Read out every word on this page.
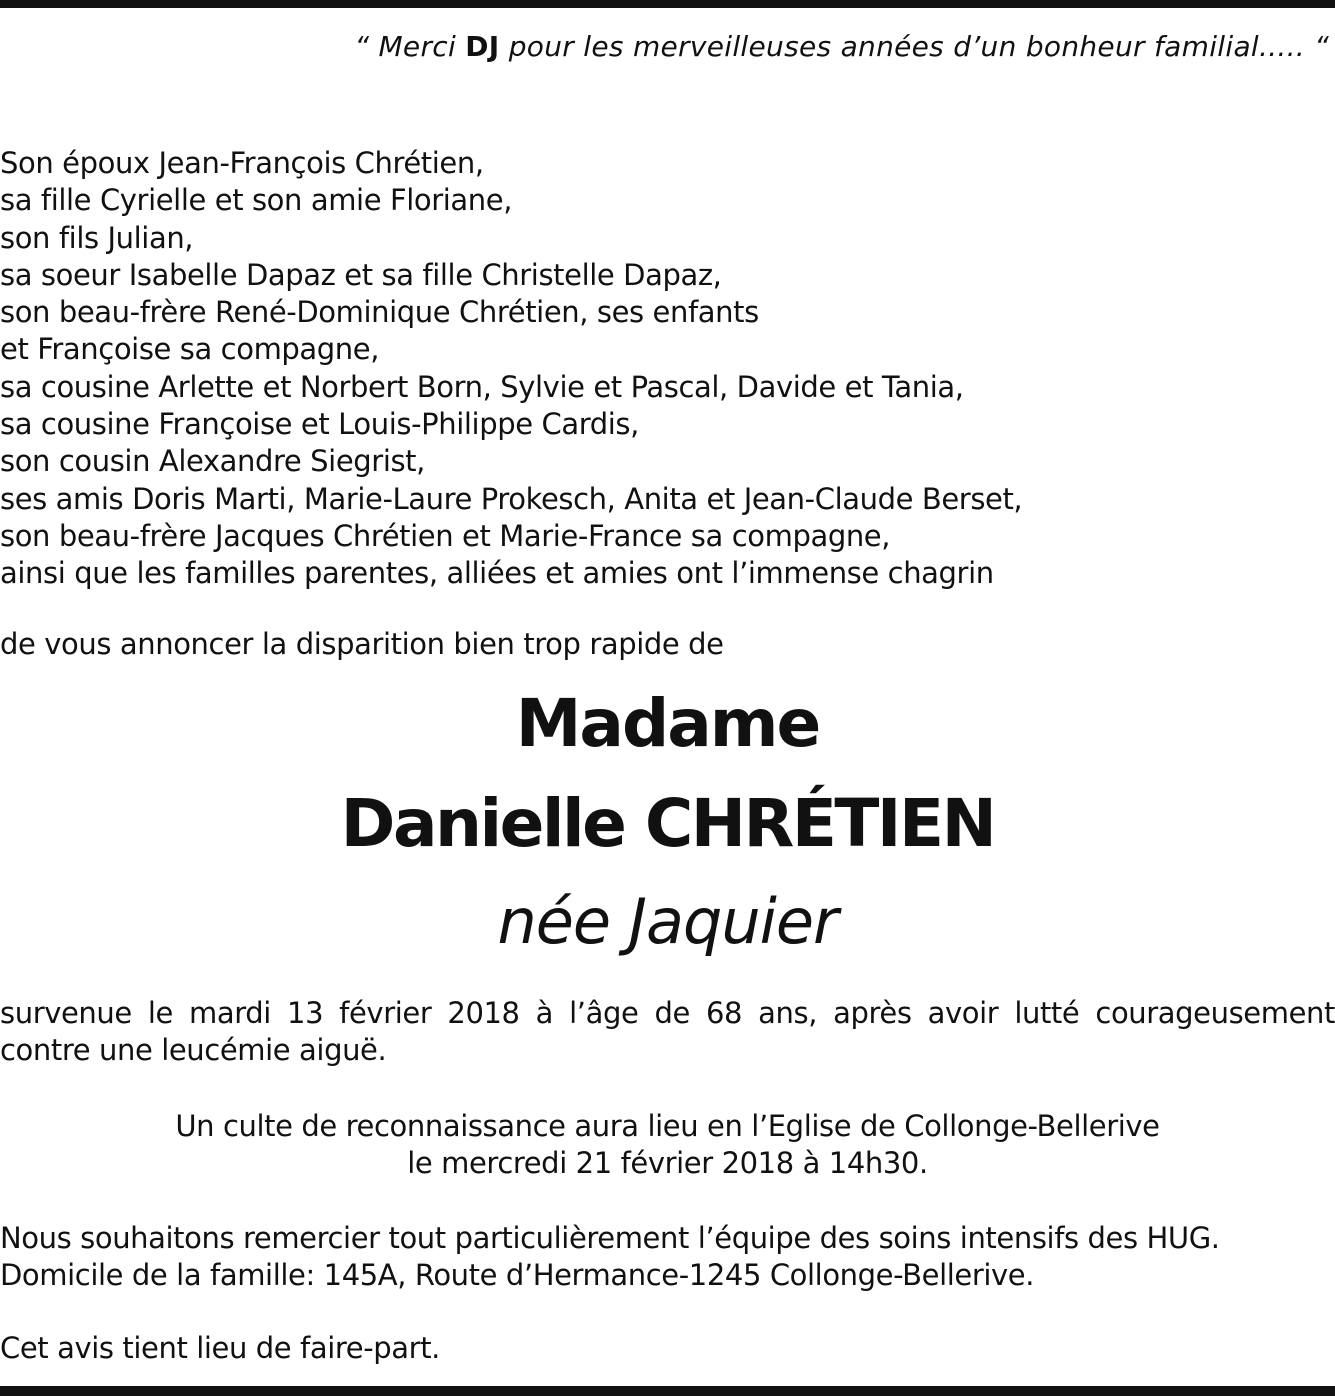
“ Merci DJ pour les merveilleuses années d’un bonheur familial..... “
Son époux Jean-François Chrétien,
sa fille Cyrielle et son amie Floriane,
son fils Julian,
sa soeur Isabelle Dapaz et sa fille Christelle Dapaz,
son beau-frère René-Dominique Chrétien, ses enfants
et Françoise sa compagne,
sa cousine Arlette et Norbert Born, Sylvie et Pascal, Davide et Tania,
sa cousine Françoise et Louis-Philippe Cardis,
son cousin Alexandre Siegrist,
ses amis Doris Marti, Marie-Laure Prokesch, Anita et Jean-Claude Berset,
son beau-frère Jacques Chrétien et Marie-France sa compagne,
ainsi que les familles parentes, alliées et amies ont l’immense chagrin
de vous annoncer la disparition bien trop rapide de
Madame
Danielle CHRÉTIEN
née Jaquier
survenue le mardi 13 février 2018 à l’âge de 68 ans, après avoir lutté courageusement
contre une leucémie aiguë.
Un culte de reconnaissance aura lieu en l’Eglise de Collonge-Bellerive
le mercredi 21 février 2018 à 14h30.
Nous souhaitons remercier tout particulièrement l’équipe des soins intensifs des HUG.
Domicile de la famille: 145A, Route d’Hermance-1245 Collonge-Bellerive.
Cet avis tient lieu de faire-part.
